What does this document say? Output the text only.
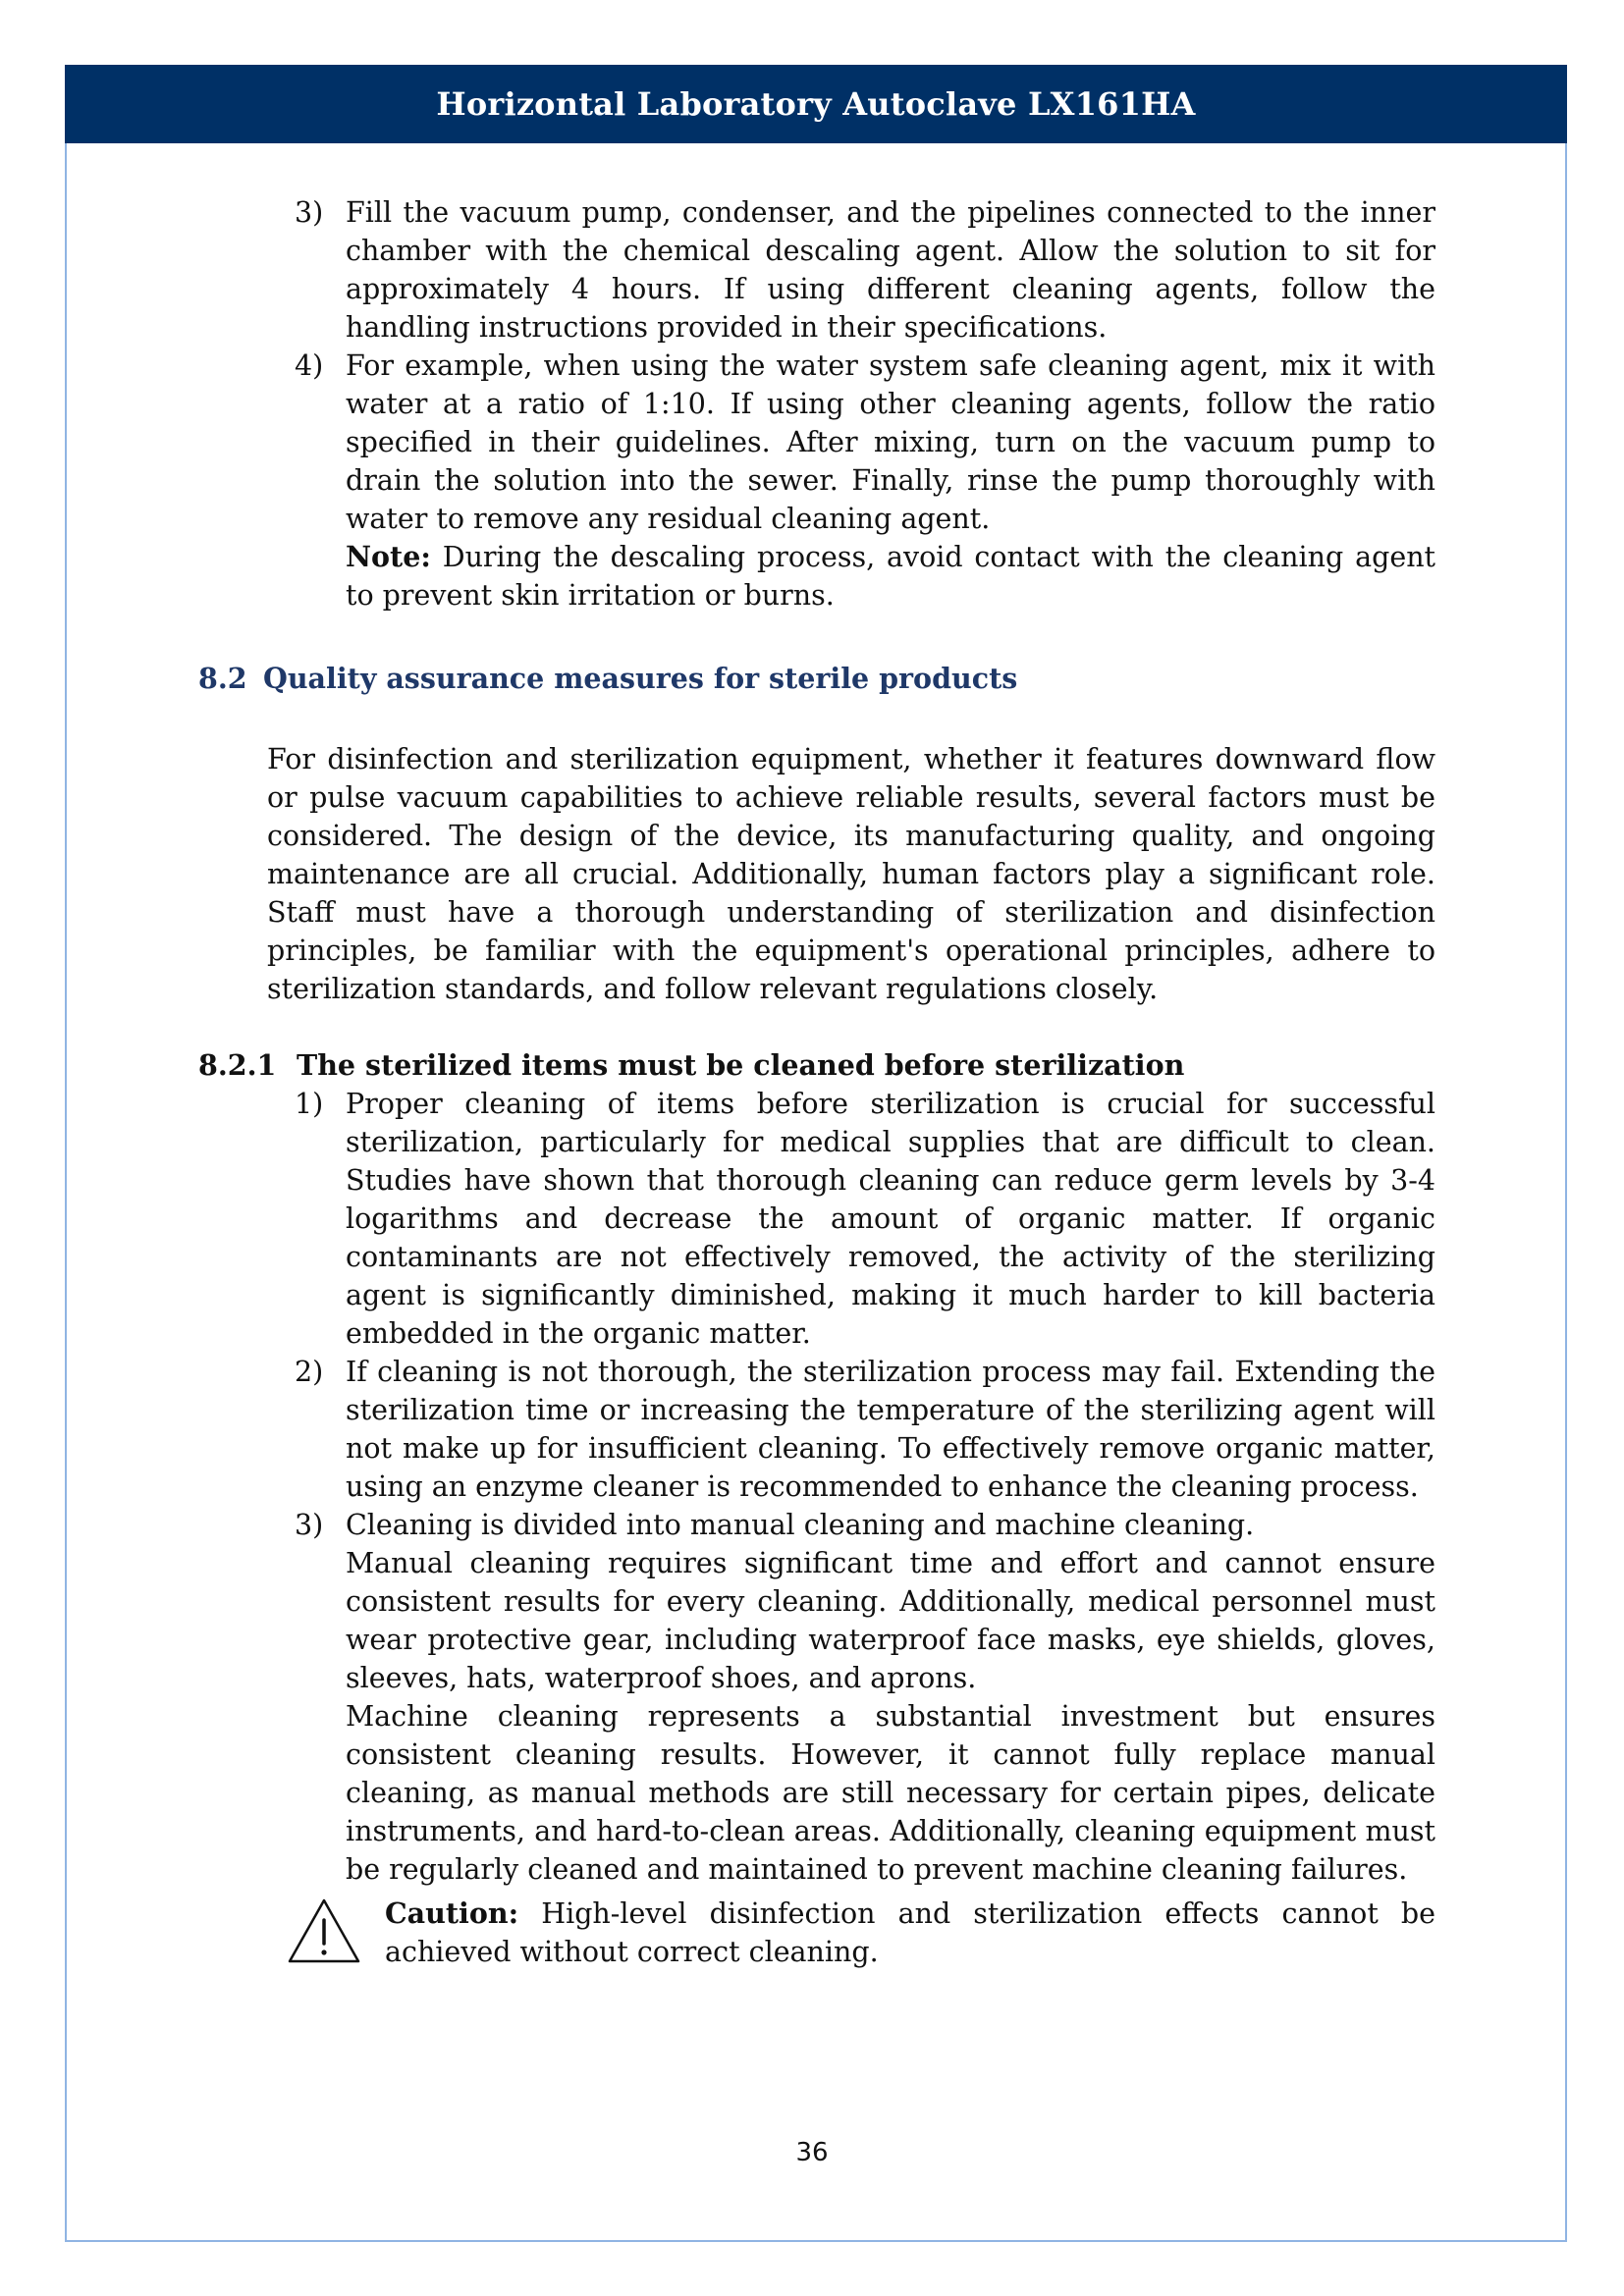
Horizontal Laboratory Autoclave LX161HA
3) Fill the vacuum pump, condenser, and the pipelines connected to the inner chamber with the chemical descaling agent. Allow the solution to sit for approximately 4 hours. If using different cleaning agents, follow the handling instructions provided in their specifications.

4) For example, when using the water system safe cleaning agent, mix it with water at a ratio of 1:10. If using other cleaning agents, follow the ratio specified in their guidelines. After mixing, turn on the vacuum pump to drain the solution into the sewer. Finally, rinse the pump thoroughly with water to remove any residual cleaning agent.

Note: During the descaling process, avoid contact with the cleaning agent to prevent skin irritation or burns.

8.2 Quality assurance measures for sterile products

For disinfection and sterilization equipment, whether it features downward flow or pulse vacuum capabilities to achieve reliable results, several factors must be considered. The design of the device, its manufacturing quality, and ongoing maintenance are all crucial. Additionally, human factors play a significant role. Staff must have a thorough understanding of sterilization and disinfection principles, be familiar with the equipment's operational principles, adhere to sterilization standards, and follow relevant regulations closely.

8.2.1 The sterilized items must be cleaned before sterilization
1) Proper cleaning of items before sterilization is crucial for successful sterilization, particularly for medical supplies that are difficult to clean. Studies have shown that thorough cleaning can reduce germ levels by 3-4 logarithms and decrease the amount of organic matter. If organic contaminants are not effectively removed, the activity of the sterilizing agent is significantly diminished, making it much harder to kill bacteria embedded in the organic matter.

2) If cleaning is not thorough, the sterilization process may fail. Extending the sterilization time or increasing the temperature of the sterilizing agent will not make up for insufficient cleaning. To effectively remove organic matter, using an enzyme cleaner is recommended to enhance the cleaning process.

3) Cleaning is divided into manual cleaning and machine cleaning.

Manual cleaning requires significant time and effort and cannot ensure consistent results for every cleaning. Additionally, medical personnel must wear protective gear, including waterproof face masks, eye shields, gloves, sleeves, hats, waterproof shoes, and aprons.

Machine cleaning represents a substantial investment but ensures consistent cleaning results. However, it cannot fully replace manual cleaning, as manual methods are still necessary for certain pipes, delicate instruments, and hard-to-clean areas. Additionally, cleaning equipment must be regularly cleaned and maintained to prevent machine cleaning failures.

Caution: High-level disinfection and sterilization effects cannot be achieved without correct cleaning.

36
